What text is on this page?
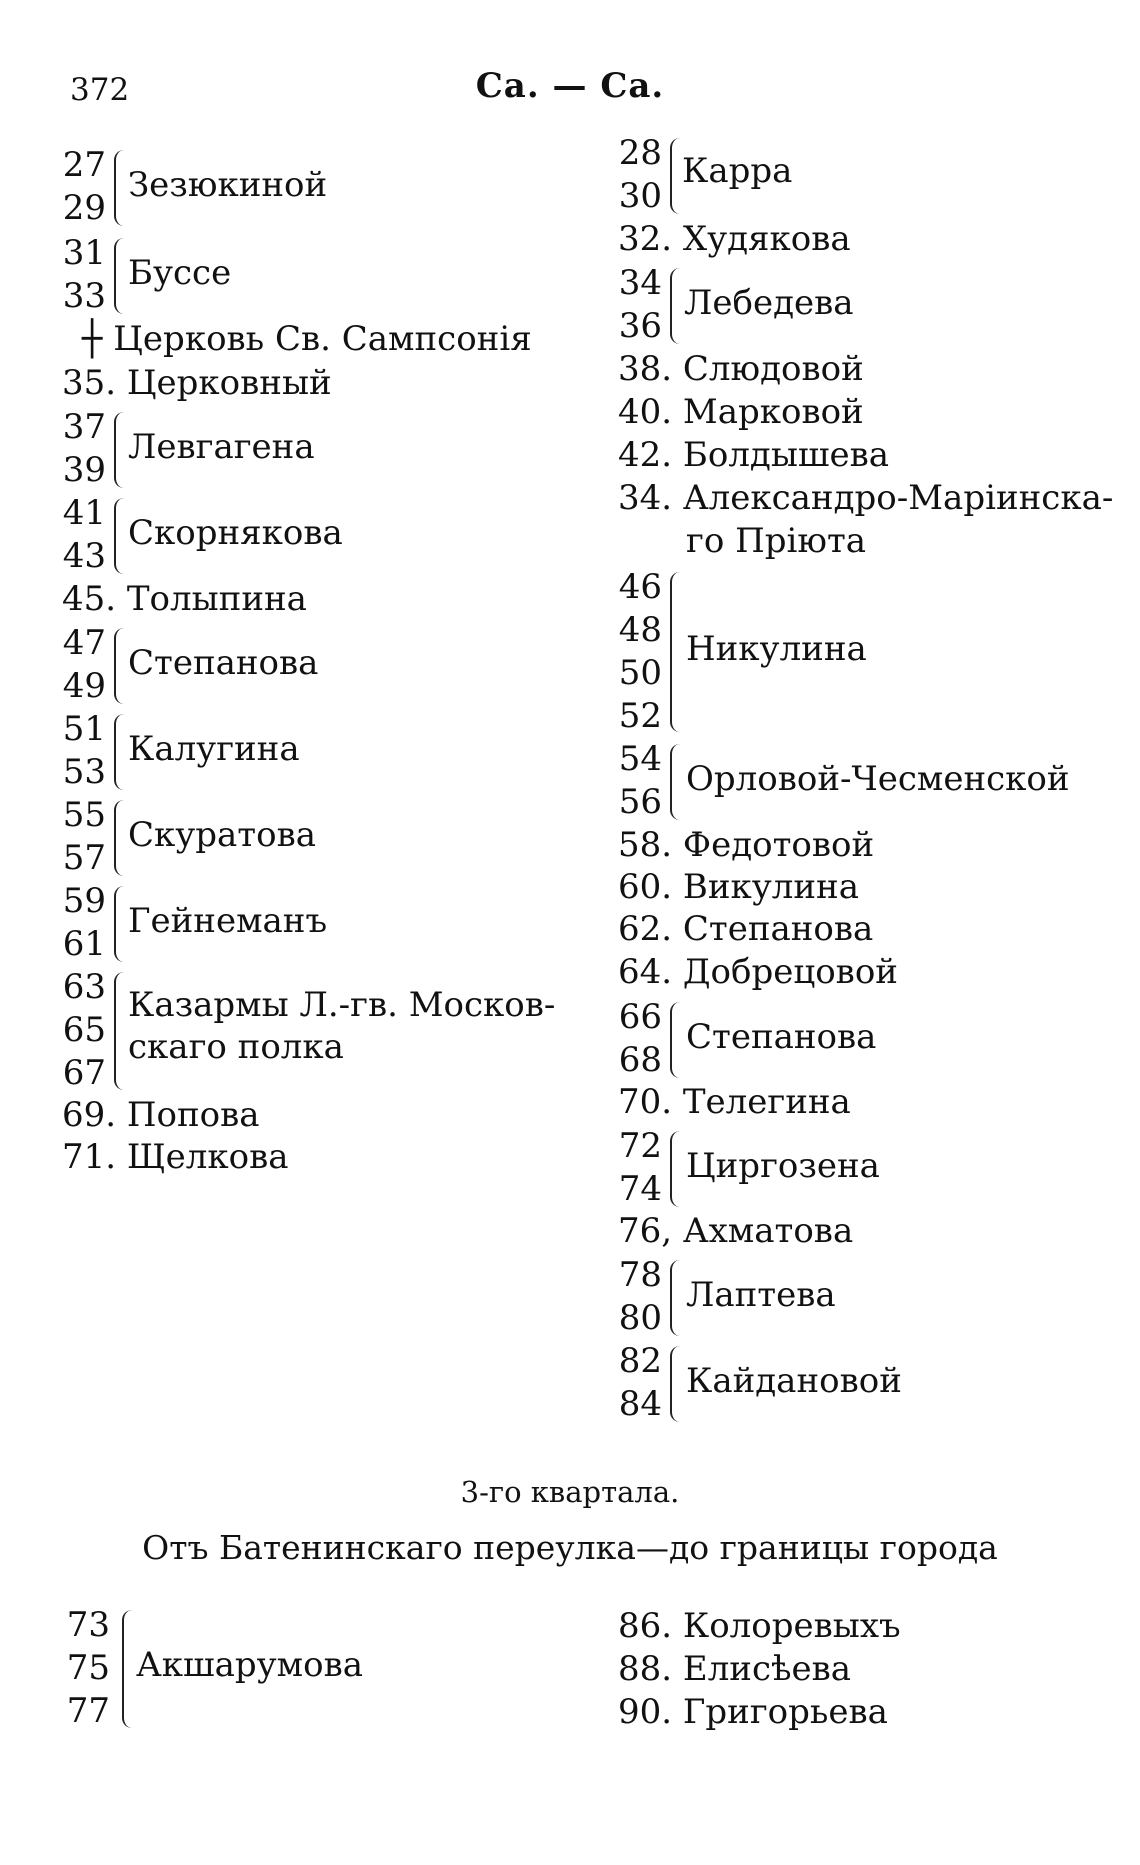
372	Са. — Са.
27
29
Зезюкиной
31
33
Буссе
┼ Церковь Св. Сампсонія
35. Церковный
37
39
Левгагена
41
43
Скорнякова
45. Толыпина
47
49
Степанова
51
53
Калугина
55
57
Скуратова
59
61
Гейнеманъ
63
65
67
Казармы Л.-гв. Москов-
скаго полка
69. Попова
71. Щелкова
28
30
Карра
32. Худякова
34
36
Лебедева
38. Слюдовой
40. Марковой
42. Болдышева
34. Александро-Маріинска-
го Пріюта
46
48
50
52
Никулина
54
56
Орловой-Чесменской
58. Федотовой
60. Викулина
62. Степанова
64. Добрецовой
66
68
Степанова
70. Телегина
72
74
Циргозена
76, Ахматова
78
80
Лаптева
82
84
Кайдановой
3-го квартала.
Отъ Батенинскаго переулка—до границы города
73
75
77
Акшарумова
86. Колоревыхъ
88. Елисѣева
90. Григорьева
